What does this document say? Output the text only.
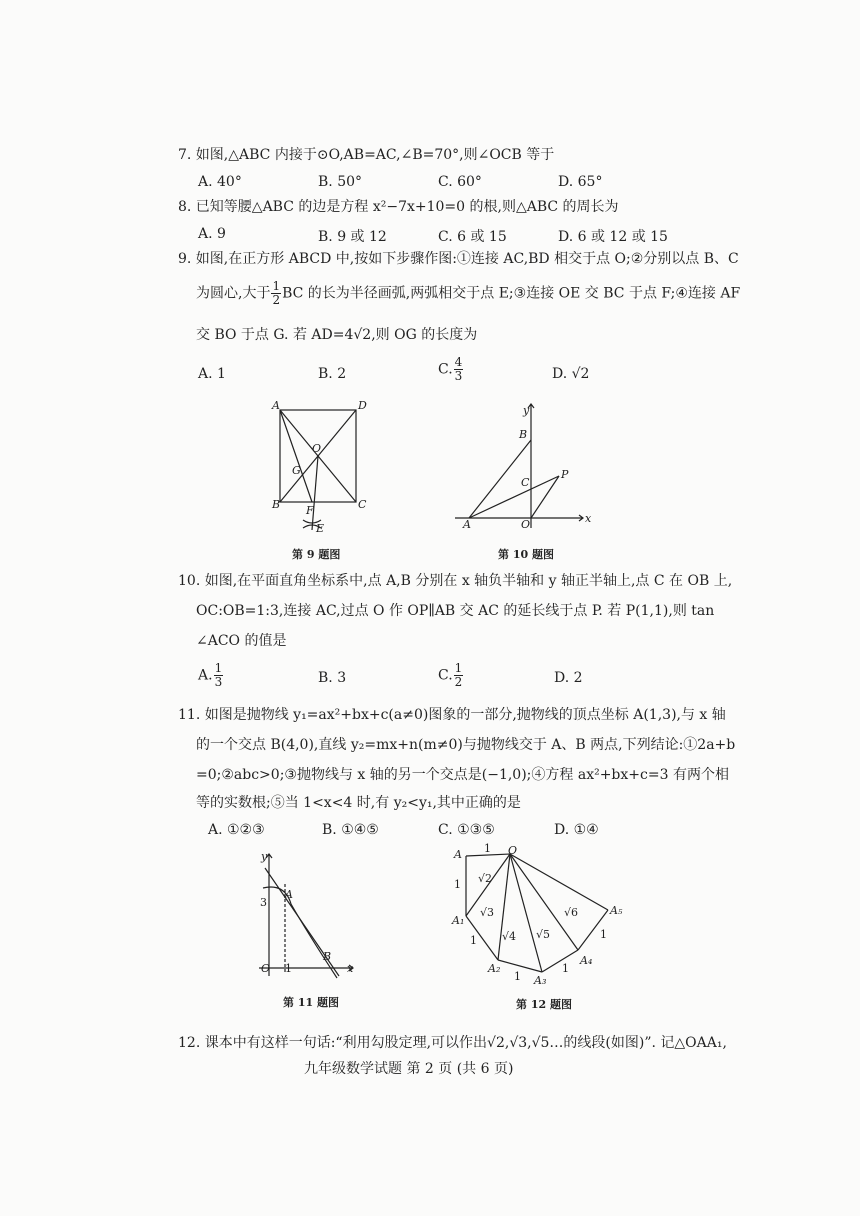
7. 如图,△ABC 内接于⊙O,AB=AC,∠B=70°,则∠OCB 等于
A. 40°	B. 50°	C. 60°	D. 65°
8. 已知等腰△ABC 的边是方程 x²−7x+10=0 的根,则△ABC 的周长为
A. 9	B. 9 或 12	C. 6 或 15	D. 6 或 12 或 15
9. 如图,在正方形 ABCD 中,按如下步骤作图:①连接 AC,BD 相交于点 O;②分别以点 B、C
为圆心,大于 $\frac{1}{2}$ BC 的长为半径画弧,两弧相交于点 E;③连接 OE 交 BC 于点 F;④连接 AF
交 BO 于点 G. 若 AD=4√2,则 OG 的长度为
A. 1	B. 2	C. $\frac{4}{3}$	D. √2
A	D
B	C
O
G
F
E
第 9 题图
y
x
B
C
P
A	O
第 10 题图
10. 如图,在平面直角坐标系中,点 A,B 分别在 x 轴负半轴和 y 轴正半轴上,点 C 在 OB 上,
OC:OB=1:3,连接 AC,过点 O 作 OP∥AB 交 AC 的延长线于点 P. 若 P(1,1),则 tan
∠ACO 的值是
A. $\frac{1}{3}$	B. 3	C. $\frac{1}{2}$	D. 2
11. 如图是抛物线 y₁=ax²+bx+c(a≠0)图象的一部分,抛物线的顶点坐标 A(1,3),与 x 轴
的一个交点 B(4,0),直线 y₂=mx+n(m≠0)与抛物线交于 A、B 两点,下列结论:①2a+b
=0;②abc>0;③抛物线与 x 轴的另一个交点是(−1,0);④方程 ax²+bx+c=3 有两个相
等的实数根;⑤当 1<x<4 时,有 y₂<y₁,其中正确的是
A. ①②③	B. ①④⑤	C. ①③⑤	D. ①④
y
x
A
B
O
3
1
第 11 题图
A	O
A₁
A₂
A₃
A₄
A₅
1
1
1
1
1
1
√2
√3
√4 √5
√6
第 12 题图
12. 课本中有这样一句话:“利用勾股定理,可以作出√2,√3,√5…的线段(如图)”. 记△OAA₁,
九年级数学试题 第 2 页 (共 6 页)
